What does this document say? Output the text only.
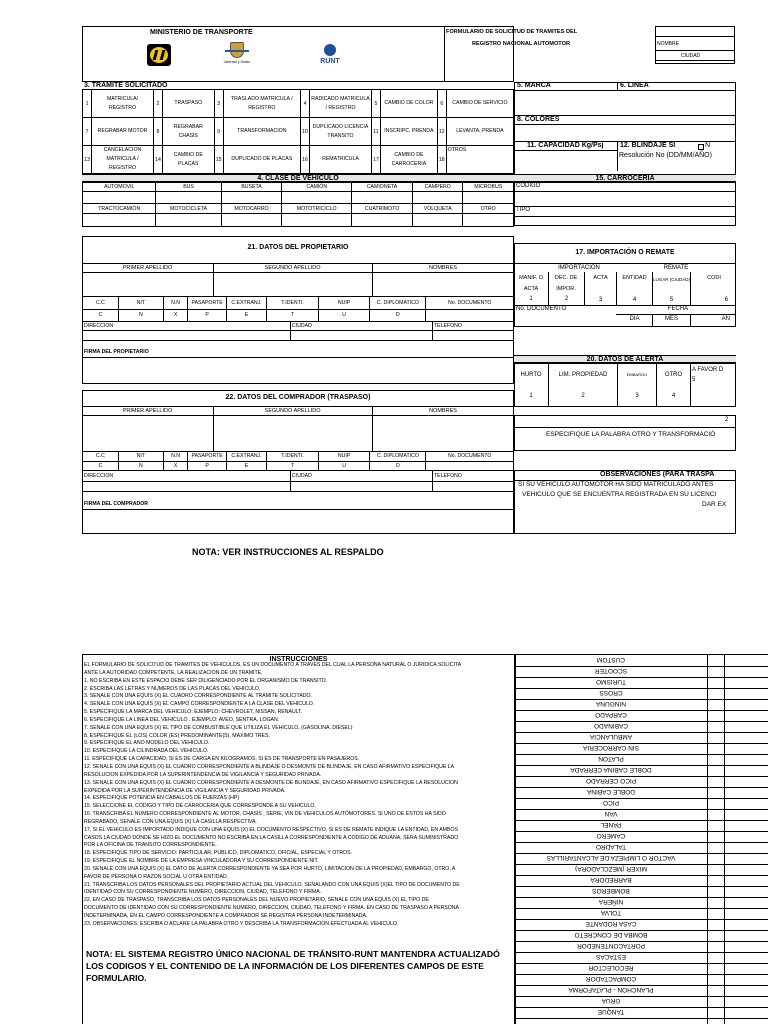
MINISTERIO DE TRANSPORTE	FORMULARIO DE SOLICITUD DE TRAMITES DEL
REGISTRO NACIONAL AUTOMOTOR
Libertad y Orden	RUNT
NOMBRE
CIUDAD
3. TRAMITE SOLICITADO
1	MATRICULA/ REGISTRO	2	TRASPASO	3	TRASLADO MATRICULA / REGISTRO	4	RADICADO MATRICULA / REGISTRO	5	CAMBIO DE COLOR	6	CAMBIO DE SERVICIO
7	REGRABAR MOTOR	8	REGRABAR CHASIS	9	TRANSFORMACION	10	DUPLICADO LICENCIA TRANSITO	11	INSCRIPC. PRENDA	12	LEVANTA. PRENDA
13	CANCELACION MATRICULA / REGISTRO	14	CAMBIO DE PLACAS	15	DUPLICADO DE PLACAS	16	REMATRICULA	17	CAMBIO DE CARROCERIA	18	OTROS
5. MARCA	6. LINEA
8. COLORES
11. CAPACIDAD Kg/Psj 12. BLINDAJE SI	N
Resolución No (DD/MM/AÑO)
4. CLASE DE VEHICULO
AUTOMOVIL	BUS	BUSETA	CAMIÓN	CAMIONETA	CAMPERO	MICROBUS

TRACTOCAMIÓN	MOTOCICLETA	MOTOCARRO	MOTOTRICICLO	CUATRIMOTO	VOLQUETA	OTRO

15. CARROCERIA
CODIGO
TIPO
21. DATOS DEL PROPIETARIO
PRIMER APELLIDO	SEGUNDO APELLIDO	NOMBRES
C.C	NIT	N.N	PASAPORTE	C.EXTRANJ.	T.IDENTI.	NUIP	C. DIPLOMATICO	No. DOCUMENTO
C	N	X	P	E	T	U	D	
DIRECCION	CIUDAD	TELEFONO
FIRMA DEL PROPIETARIO
17. IMPORTACIÓN O REMATE
IMPORTACION	REMATE
MANIF. O ACTA
DEC. DE IMPOR.
ACTA	ENTIDAD	LUGAR (CIUDAD)	CODI
1	2	3	4	5	6
No. DOCUMENTO	FECHA
DIA	MES	AÑ
20. DATOS DE ALERTA
HURTO	LIM. PROPIEDAD	EMBARGO	OTRO
A FAVOR D
1	2	3	4
5
2
ESPECIFIQUE LA PALABRA OTRO Y TRANSFORMACIÓ
22. DATOS DEL COMPRADOR (TRASPASO)
PRIMER APELLIDO	SEGUNDO APELLIDO	NOMBRES
C.C	NIT	N.N	PASAPORTE	C.EXTRANJ.	T.IDENTI.	NUIP	C. DIPLOMATICO	No. DOCUMENTO
C	N	X	P	E	T	U	D	
DIRECCION	CIUDAD	TELEFONO
FIRMA DEL COMPRADOR
OBSERVACIONES (PARA TRASPA
SI SU VEHICULO AUTOMOTOR HA SIDO MATRICULADO ANTES
VEHICULO QUE SE ENCUENTRA REGISTRADA EN SU LICENCI
DAR EX
NOTA: VER INSTRUCCIONES AL RESPALDO
INSTRUCCIONES
EL FORMULARIO DE SOLICITUD DE TRAMITES DE VEHICULOS, ES UN DOCUMENTO A TRAVES DEL CUAL LA PERSONA NATURAL O JURIDICA SOLICITA
ANTE LA AUTORIDAD COMPETENTE, LA REALIZACIÓN DE UN TRÁMITE.
1. NO ESCRIBA EN ESTE ESPACIO DEBE SER DILIGENCIADO POR EL ORGANISMO DE TRANSITO.
2. ESCRIBA LAS LETRAS Y NUMEROS DE LAS PLACAS DEL VEHICULO.
3. SEÑALE CON UNA EQUIS (X) EL CUADRO CORRESPONDIENTE AL TRAMITE SOLICITADO.
4. SEÑALE CON UNA EQUIS (X) EL CAMPO CORRESPONDIENTE A LA CLASE DEL VEHICULO.
5. ESPECIFIQUE LA MARCA DEL VEHICULO: EJEMPLO: CHEVROLET, NISSAN, RENAULT.
6. ESPECIFIQUE LA LINEA DEL VEHICULO . EJEMPLO: AVEO, SENTRA, LOGAN.
7. SEÑALE CON UNA EQUIS (X) EL TIPO DE COMBUSTIBLE QUE UTILIZA EL VEHICULO, (GASOLINA, DIESEL)
8. ESPECIFIQUE EL (LOS) COLOR (ES) PREDOMINANTE(S), MAXIMO TRES.
9. ESPECIFIQUE EL AÑO MODELO DEL VEHICULO.
10. ESPECIFIQUE LA CILINDRADA DEL VEHICULO.
11. ESPECIFIQUE LA CAPACIDAD, SI ES DE CARGA EN KILOGRAMOS, SI ES DE TRANSPORTE EN PASAJEROS.
12. SEÑALE CON UNA EQUIS (X) EL CUADRO CORRESPONDIENTE A BLINDAJE O DESMONTE DE BLINDAJE, EN CASO AFIRMATIVO ESPECIFIQUE LA
RESOLUCIÓN EXPEDIDA POR LA SUPERINTENDENCIA DE VIGILANCIA Y SEGURIDAD PRIVADA.
13. SEÑALE CON UNA EQUIS (X) EL CUADRO CORRESPONDIENTE A DESMONTE DE BLINDAJE, EN CASO AFIRMATIVO ESPECIFIQUE LA RESOLUCIÓN
EXPEDIDA POR LA SUPERINTENDENCIA DE VIGILANCIA Y SEGURIDAD PRIVADA.
14. ESPECIFIQUE POTENCIA EN CABALLOS DE FUERZAS (HP)
15. SELECCIONE EL CODIGO Y TIPO DE CARROCERIA QUE CORRESPONDE A SU VEHICULO.
16. TRANSCRIBA EL NUMERO CORRESPONDIENTE AL MOTOR, CHASIS , SERIE, VIN DE VEHICULOS AUTOMOTORES. SI UNO DE ESTOS HA SIDO
REGRABADO, SEÑALE CON UNA EQUIS (X) LA CASILLA RESPECTIVA.
17. SI EL VEHICULO ES IMPORTADO INDIQUE CON UNA EQUIS (X) EL DOCUMENTO RESPECTIVO, SI ES DE REMATE INDIQUE LA ENTIDAD, EN AMBOS
CASOS LA CIUDAD DONDE SE HIZO EL DOCUMENTO NO ESCRIBA EN LA CASILLA CORRESPONDIENTE A CODIGO DE ADUANA, SERA SUMINISTRADO
POR LA OFICINA DE TRANSITO CORRESPONDIENTE..
18. ESPECIFIQUE TIPO DE SERVICIO: PARTICULAR, PÚBLICO, DIPLOMATICO, OFICIAL, ESPECIAL Y OTROS.
19. ESPECIFIQUE EL NOMBRE DE LA EMPRESA VINCULADORA Y SU CORRESPONDIENTE NIT.
20. SEÑALE CON UNA EQUIS (X) EL DATO DE ALERTA CORRESPONDIENTE YA SEA POR HURTO, LIMITACIÓN DE LA PROPIEDAD, EMBARGO, OTRO, A
FAVOR DE PERSONA O RAZON SOCIAL U OTRA ENTIDAD.
21. TRANSCRIBA LOS DATOS PERSONALES DEL PROPIETARIO ACTUAL DEL VEHICULO, SEÑALANDO CON UNA EQUIS (X)EL TIPO DE DOCUMENTO DE
IDENTIDAD CON SU CORRESPONDIENTE NUMERO, DIRECCIÓN, CIUDAD, TELEFONO Y FIRMA.
22. EN CASO DE TRASPASO, TRANSCRIBA LOS DATOS PERSONALES DEL NUEVO PROPIETARIO, SEÑALE CON UNA EQUIS (X) EL TIPO DE
DOCUMENTO DE IDENTIDAD CON SU CORRESPONDIENTE NUMERO, DIRECCION, CIUDAD, TELEFONO Y FIRMA. EN CASO DE TRASPASO A PERSONA
INDETERMINADA, EN EL CAMPO CORRESPONDIENTE A COMPRADOR SE REGISTRA PERSONA INDETERMINADA.
23. OBSERVACIONES: ESCRIBA O ACLARE LA PALABRA OTRO Y DESCRIBA LA TRANSFORMACIÓN EFECTUADA AL VEHICULO.
NOTA: EL SISTEMA REGISTRO ÚNICO NACIONAL DE TRÁNSITO-RUNT MANTENDRA ACTUALIZADÓ LOS CODIGOS Y EL CONTENIDO DE LA INFORMACIÓN DE LOS DIFERENTES CAMPOS DE ESTE FORMULARIO.
CUSTOM
SCOOTER
TURISMO
CROSS
NINGUNA
CARPADO
CABINADO
AMBULANCIA
SIN CARROCERIA
PLATON
DOBLE CABINA CERRADA
PICO CERRADO
DOBLE CABINA
PICO
VAN
PANEL
CAMERO
TALADRO
VACTOR O LIMPIEZA DE ALCANTARILLAS
MIXER (MEZCLADORA)
BARREDORA
BOMBEROS
NIÑERA
TOLVA
CASA RODANTE
BOMBA DE CONCRETO
PORTACONTENEDOR
ESTACAS
RECOLECTOR
COMPACTADOR
PLANCHON - PLATAFORMA
GRUA
TANQUE
